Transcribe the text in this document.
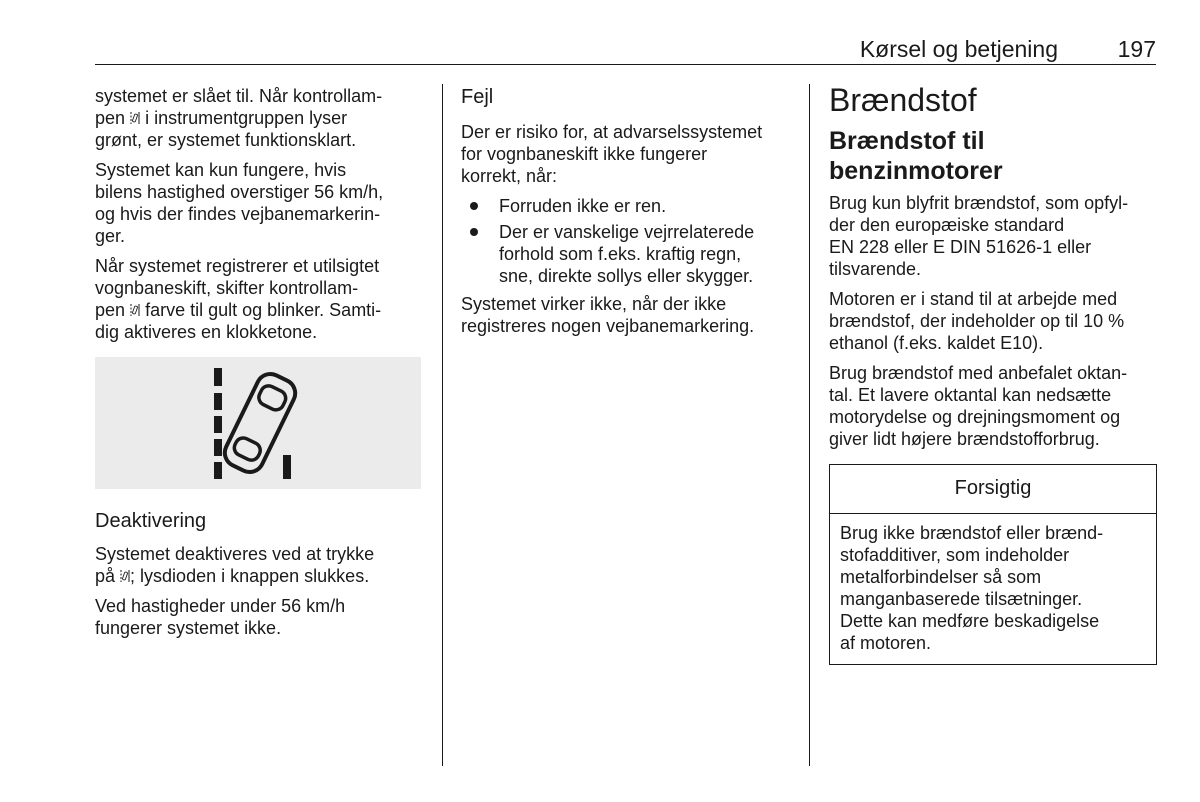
Kørsel og betjening	197

systemet er slået til. Når kontrollam-
pen i instrumentgruppen lyser
grønt, er systemet funktionsklart.

Systemet kan kun fungere, hvis
bilens hastighed overstiger 56 km/h,
og hvis der findes vejbanemarkerin-
ger.

Når systemet registrerer et utilsigtet
vognbaneskift, skifter kontrollam-
pen farve til gult og blinker. Samti-
dig aktiveres en klokketone.

Deaktivering

Systemet deaktiveres ved at trykke
på ; lysdioden i knappen slukkes.

Ved hastigheder under 56 km/h
fungerer systemet ikke.

Fejl

Der er risiko for, at advarselssystemet
for vognbaneskift ikke fungerer
korrekt, når:

Forruden ikke er ren.
Der er vanskelige vejrrelaterede
forhold som f.eks. kraftig regn,
sne, direkte sollys eller skygger.

Systemet virker ikke, når der ikke
registreres nogen vejbanemarkering.

Brændstof
Brændstof til benzinmotorer

Brug kun blyfrit brændstof, som opfyl-
der den europæiske standard
EN 228 eller E DIN 51626-1 eller
tilsvarende.

Motoren er i stand til at arbejde med
brændstof, der indeholder op til 10 %
ethanol (f.eks. kaldet E10).

Brug brændstof med anbefalet oktan-
tal. Et lavere oktantal kan nedsætte
motorydelse og drejningsmoment og
giver lidt højere brændstofforbrug.

Forsigtig
Brug ikke brændstof eller brænd-
stofadditiver, som indeholder
metalforbindelser så som
manganbaserede tilsætninger.
Dette kan medføre beskadigelse
af motoren.
